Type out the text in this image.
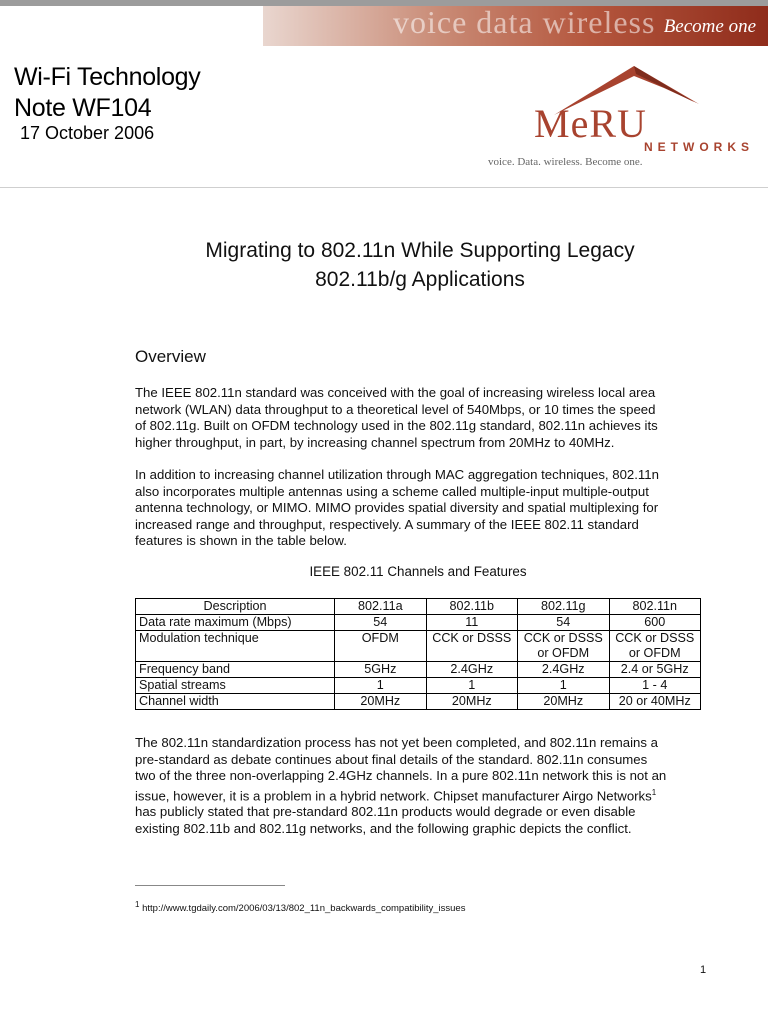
voice data wireless Become one
Wi-Fi Technology
Note WF104
17 October 2006	MeRU
NETWORKS
voice. Data. wireless. Become one.
Migrating to 802.11n While Supporting Legacy
802.11b/g Applications
Overview
The IEEE 802.11n standard was conceived with the goal of increasing wireless local area
network (WLAN) data throughput to a theoretical level of 540Mbps, or 10 times the speed
of 802.11g. Built on OFDM technology used in the 802.11g standard, 802.11n achieves its
higher throughput, in part, by increasing channel spectrum from 20MHz to 40MHz.
In addition to increasing channel utilization through MAC aggregation techniques, 802.11n
also incorporates multiple antennas using a scheme called multiple-input multiple-output
antenna technology, or MIMO. MIMO provides spatial diversity and spatial multiplexing for
increased range and throughput, respectively. A summary of the IEEE 802.11 standard
features is shown in the table below.
IEEE 802.11 Channels and Features
Description	802.11a	802.11b	802.11g	802.11n
Data rate maximum (Mbps)	54	11	54	600
Modulation technique	OFDM	CCK or DSSS	CCK or DSSS
or OFDM	CCK or DSSS
or OFDM
Frequency band	5GHz	2.4GHz	2.4GHz	2.4 or 5GHz
Spatial streams	1	1	1	1 - 4
Channel width	20MHz	20MHz	20MHz	20 or 40MHz
The 802.11n standardization process has not yet been completed, and 802.11n remains a
pre-standard as debate continues about final details of the standard. 802.11n consumes
two of the three non-overlapping 2.4GHz channels. In a pure 802.11n network this is not an
issue, however, it is a problem in a hybrid network. Chipset manufacturer Airgo Networks$^1$
has publicly stated that pre-standard 802.11n products would degrade or even disable
existing 802.11b and 802.11g networks, and the following graphic depicts the conflict.
$^1$ http://www.tgdaily.com/2006/03/13/802_11n_backwards_compatibility_issues
1
